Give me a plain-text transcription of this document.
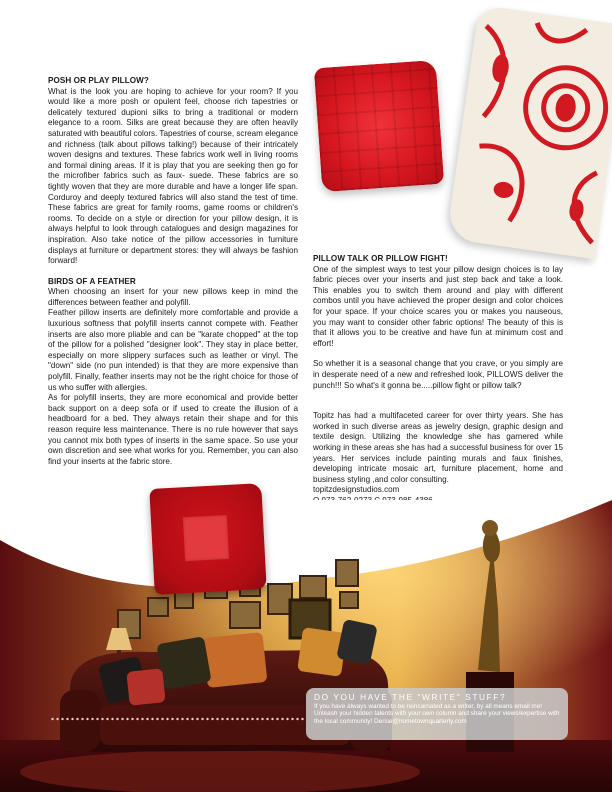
POSH OR PLAY PILLOW?

What is the look you are hoping to achieve for your room? If you would like a more posh or opulent feel, choose rich tapestries or delicately textured dupioni silks to bring a traditional or modern elegance to a room. Silks are great because they are often heavily saturated with beautiful colors. Tapestries of course, scream elegance and richness (talk about pillows talking!) because of their intricately woven designs and textures. These fabrics work well in living rooms and formal dining areas. If it is play that you are seeking then go for the microfiber fabrics such as faux- suede. These fabrics are so tightly woven that they are more durable and have a longer life span. Corduroy and deeply textured fabrics will also stand the test of time. These fabrics are great for family rooms, game rooms or children's rooms. To decide on a style or direction for your pillow design, it is always helpful to look through catalogues and design magazines for inspiration. Also take notice of the pillow accessories in furniture displays at furniture or department stores: they will always be fashion forward!

BIRDS OF A FEATHER

When choosing an insert for your new pillows keep in mind the differences between feather and polyfill.

Feather pillow inserts are definitely more comfortable and provide a luxurious softness that polyfill inserts cannot compete with. Feather inserts are also more pliable and can be "karate chopped" at the top of the pillow for a polished "designer look". They stay in place better, especially on more slippery surfaces such as leather or vinyl. The "down" side (no pun intended) is that they are more expensive than polyfill. Finally, feather inserts may not be the right choice for those of us who suffer with allergies.

As for polyfill inserts, they are more economical and provide better back support on a deep sofa or if used to create the illusion of a headboard for a bed. They always retain their shape and for this reason require less maintenance. There is no rule however that says you cannot mix both types of inserts in the same space. So use your own discretion and see what works for you. Remember, you can also find your inserts at the fabric store.

PILLOW TALK OR PILLOW FIGHT!

One of the simplest ways to test your pillow design choices is to lay fabric pieces over your inserts and just step back and take a look. This enables you to switch them around and play with different combos until you have achieved the proper design and color choices for your space. If your choice scares you or makes you nauseous, you may want to consider other fabric options! The beauty of this is that it allows you to be creative and have fun at minimum cost and effort!

So whether it is a seasonal change that you crave, or you simply are in desperate need of a new and refreshed look, PILLOWS deliver the punch!!! So what's it gonna be.....pillow fight or pillow talk?

Topitz has had a multifaceted career for over thirty years. She has worked in such diverse areas as jewelry design, graphic design and textile design. Utilizing the knowledge she has garnered while working in these areas she has had a successful business for over 15 years. Her services include painting murals and faux finishes, developing intricate mosaic art, furniture placement, home and business styling ,and color consulting.

topitzdesignstudios.com

DO YOU HAVE THE "WRITE" STUFF?
If you have always wanted to be reincarnated as a writer, by all means email me! Unleash your hidden talents with your own column and share your views/expertise with the local community! Derise@hometownquarterly.com
